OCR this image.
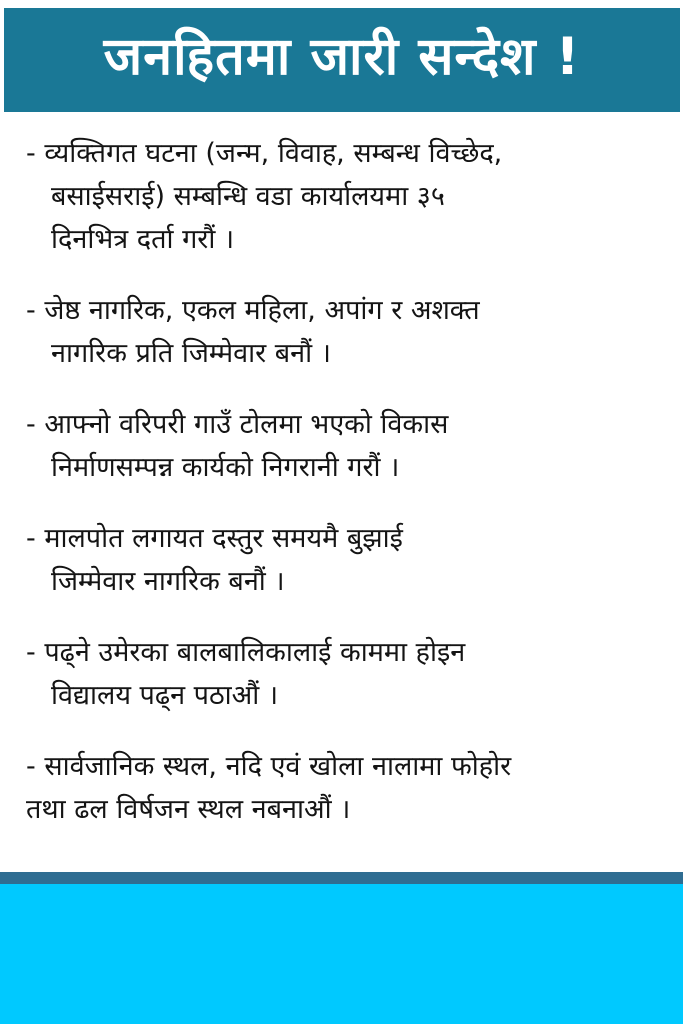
जनहितमा जारी सन्देश !
- व्यक्तिगत घटना (जन्म, विवाह, सम्बन्ध विच्छेद,
बसाईसराई) सम्बन्धि वडा कार्यालयमा ३५
दिनभित्र दर्ता गरौं ।
- जेष्ठ नागरिक, एकल महिला, अपांग र अशक्त
नागरिक प्रति जिम्मेवार बनौं ।
- आफ्नो वरिपरी गाउँ टोलमा भएको विकास
निर्माणसम्पन्न कार्यको निगरानी गरौं ।
- मालपोत लगायत दस्तुर समयमै बुझाई
जिम्मेवार नागरिक बनौं ।
- पढ्ने उमेरका बालबालिकालाई काममा होइन
विद्यालय पढ्न पठाऔं ।
- सार्वजानिक स्थल, नदि एवं खोला नालामा फोहोर
तथा ढल विर्षजन स्थल नबनाऔं ।
